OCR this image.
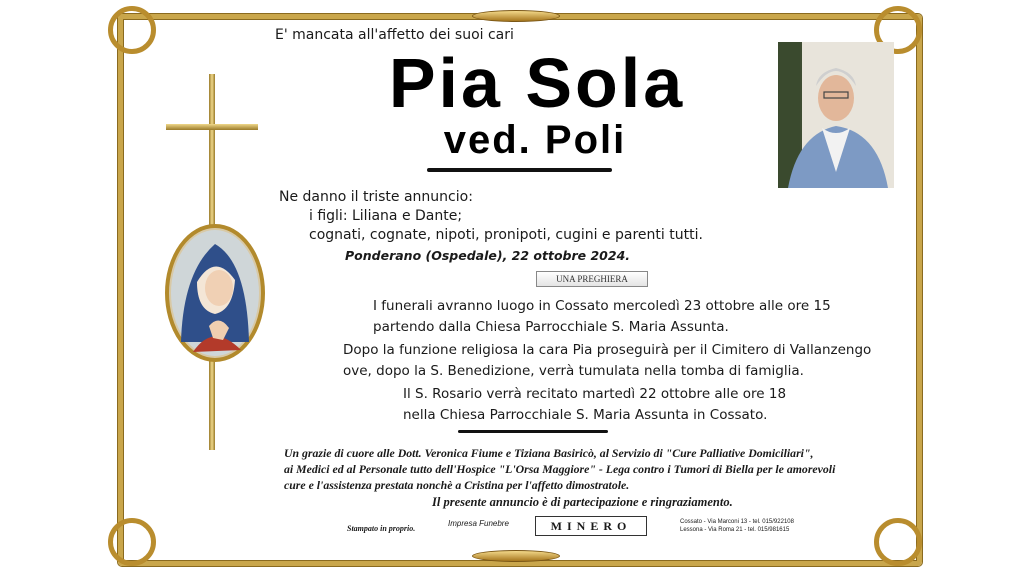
E' mancata all'affetto dei suoi cari
Pia Sola
ved. Poli
Ne danno il triste annuncio:
i figli: Liliana e Dante;
cognati, cognate, nipoti, pronipoti, cugini e parenti tutti.
Ponderano (Ospedale), 22 ottobre 2024.
UNA PREGHIERA
I funerali avranno luogo in Cossato mercoledì 23 ottobre alle ore 15
partendo dalla Chiesa Parrocchiale S. Maria Assunta.
Dopo la funzione religiosa la cara Pia proseguirà per il Cimitero di Vallanzengo
ove, dopo la S. Benedizione, verrà tumulata nella tomba di famiglia.
Il S. Rosario verrà recitato martedì 22 ottobre alle ore 18
nella Chiesa Parrocchiale S. Maria Assunta in Cossato.
Un grazie di cuore alle Dott. Veronica Fiume e Tiziana Basiricò, al Servizio di "Cure Palliative Domiciliari",
ai Medici ed al Personale tutto dell'Hospice "L'Orsa Maggiore" - Lega contro i Tumori di Biella per le amorevoli
cure e l'assistenza prestata nonchè a Cristina per l'affetto dimostratole.
Il presente annuncio è di partecipazione e ringraziamento.
Stampato in proprio.
Impresa Funebre	MINERO	Cossato - Via Marconi 13 - tel. 015/922108
Lessona - Via Roma 21 - tel. 015/981615
